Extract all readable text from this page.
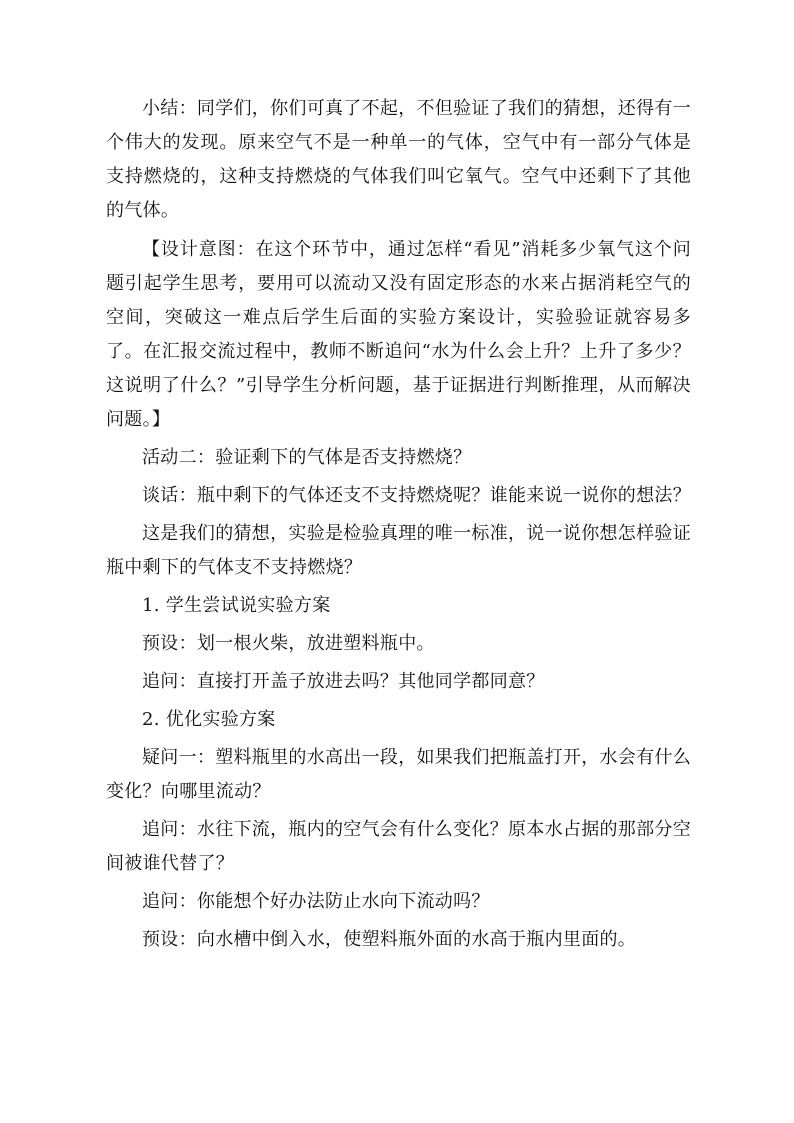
小结：同学们，你们可真了不起，不但验证了我们的猜想，还得有一个伟大的发现。原来空气不是一种单一的气体，空气中有一部分气体是支持燃烧的，这种支持燃烧的气体我们叫它氧气。空气中还剩下了其他的气体。

【设计意图：在这个环节中，通过怎样“看见”消耗多少氧气这个问题引起学生思考，要用可以流动又没有固定形态的水来占据消耗空气的空间，突破这一难点后学生后面的实验方案设计，实验验证就容易多了。在汇报交流过程中，教师不断追问“水为什么会上升？上升了多少？这说明了什么？”引导学生分析问题，基于证据进行判断推理，从而解决问题。】

活动二：验证剩下的气体是否支持燃烧？

谈话：瓶中剩下的气体还支不支持燃烧呢？谁能来说一说你的想法？

这是我们的猜想，实验是检验真理的唯一标准，说一说你想怎样验证瓶中剩下的气体支不支持燃烧？

1. 学生尝试说实验方案

预设：划一根火柴，放进塑料瓶中。

追问：直接打开盖子放进去吗？其他同学都同意？

2. 优化实验方案

疑问一：塑料瓶里的水高出一段，如果我们把瓶盖打开，水会有什么变化？向哪里流动？

追问：水往下流，瓶内的空气会有什么变化？原本水占据的那部分空间被谁代替了？

追问：你能想个好办法防止水向下流动吗？

预设：向水槽中倒入水，使塑料瓶外面的水高于瓶内里面的。
